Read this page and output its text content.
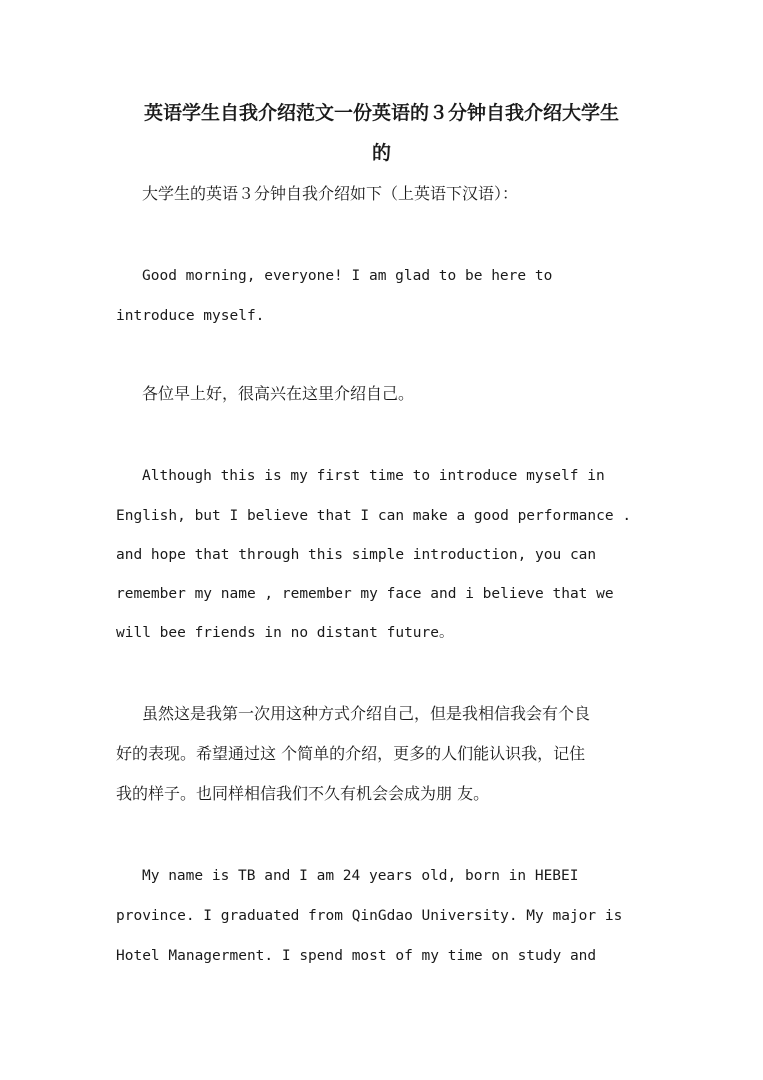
英语学生自我介绍范文一份英语的３分钟自我介绍大学生
的
大学生的英语３分钟自我介绍如下（上英语下汉语）：
Good morning, everyone! I am glad to be here to
introduce myself.
各位早上好，很高兴在这里介绍自己。
Although this is my first time to introduce myself in
English, but I believe that I can make a good performance .
and hope that through this simple introduction, you can
remember my name , remember my face and i believe that we
will bee friends in no distant future。
虽然这是我第一次用这种方式介绍自己，但是我相信我会有个良
好的表现。希望通过这 个简单的介绍，更多的人们能认识我，记住
我的样子。也同样相信我们不久有机会会成为朋 友。
My name is TB and I am 24 years old, born in HEBEI
province. I graduated from QinGdao University. My major is
Hotel Managerment. I spend most of my time on study and
